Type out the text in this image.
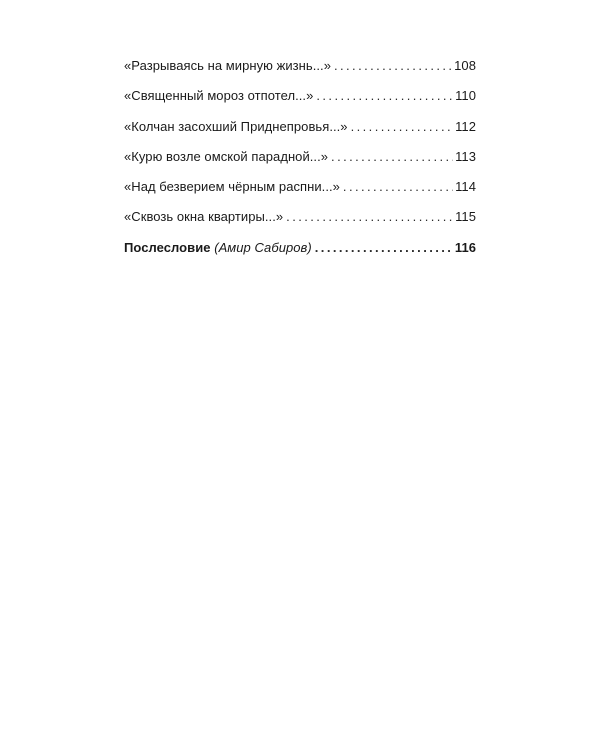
«Разрываясь на мирную жизнь...» . . .	108
«Священный мороз отпотел...» . . .	110
«Колчан засохший Приднепровья...» . . .	112
«Курю возле омской парадной...» . . .	113
«Над безверием чёрным распни...» . . .	114
«Сквозь окна квартиры...» . . .	115
Послесловие (Амир Сабиров) . . .	116
